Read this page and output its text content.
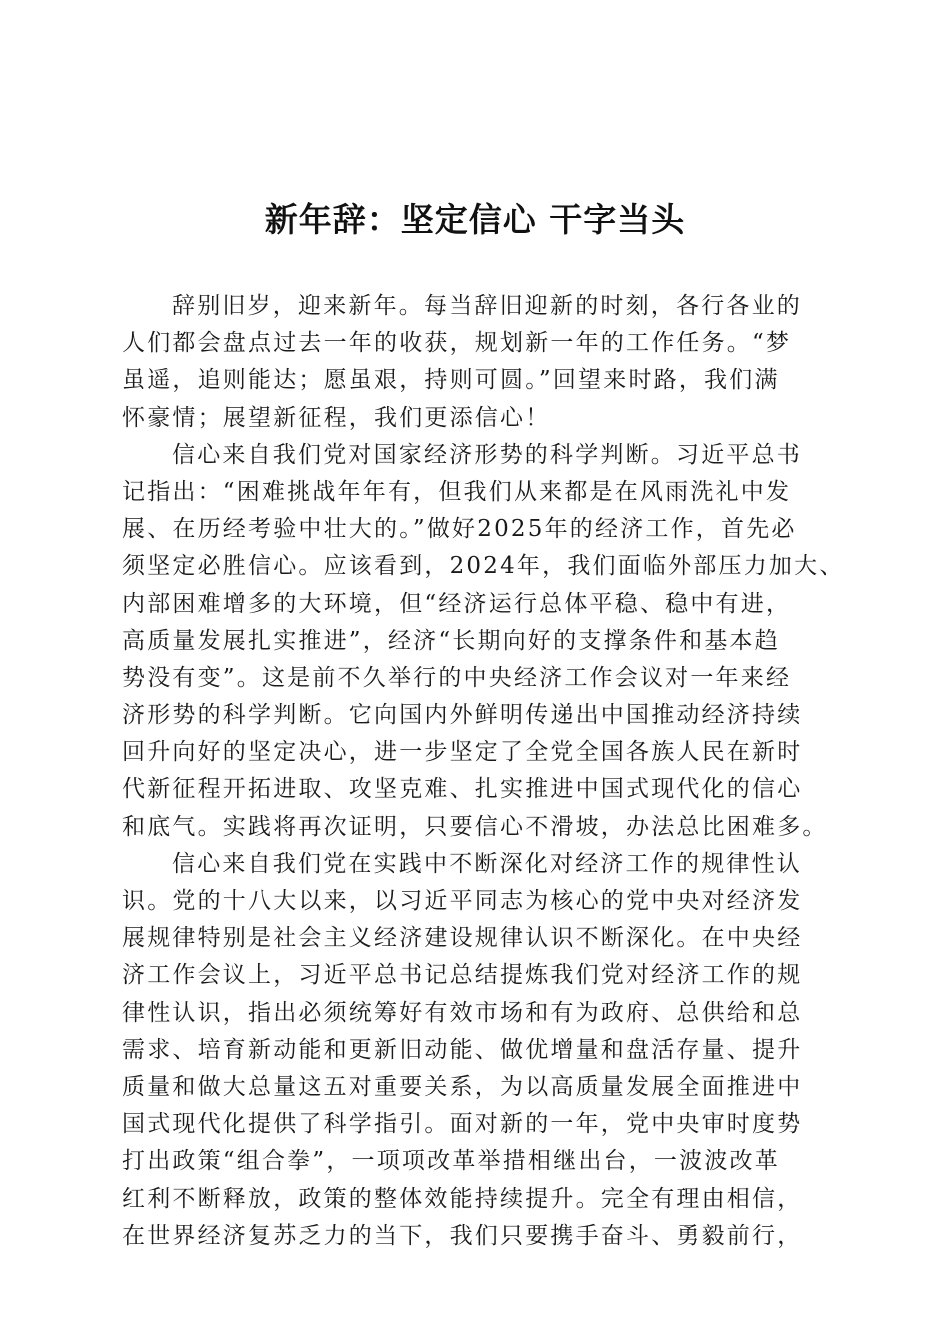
新年辞：坚定信心 干字当头
辞别旧岁，迎来新年。每当辞旧迎新的时刻，各行各业的
人们都会盘点过去一年的收获，规划新一年的工作任务。“梦
虽遥，追则能达；愿虽艰，持则可圆。”回望来时路，我们满
怀豪情；展望新征程，我们更添信心！
信心来自我们党对国家经济形势的科学判断。习近平总书
记指出：“困难挑战年年有，但我们从来都是在风雨洗礼中发
展、在历经考验中壮大的。”做好2025年的经济工作，首先必
须坚定必胜信心。应该看到，2024年，我们面临外部压力加大、
内部困难增多的大环境，但“经济运行总体平稳、稳中有进，
高质量发展扎实推进”，经济“长期向好的支撑条件和基本趋
势没有变”。这是前不久举行的中央经济工作会议对一年来经
济形势的科学判断。它向国内外鲜明传递出中国推动经济持续
回升向好的坚定决心，进一步坚定了全党全国各族人民在新时
代新征程开拓进取、攻坚克难、扎实推进中国式现代化的信心
和底气。实践将再次证明，只要信心不滑坡，办法总比困难多。
信心来自我们党在实践中不断深化对经济工作的规律性认
识。党的十八大以来，以习近平同志为核心的党中央对经济发
展规律特别是社会主义经济建设规律认识不断深化。在中央经
济工作会议上，习近平总书记总结提炼我们党对经济工作的规
律性认识，指出必须统筹好有效市场和有为政府、总供给和总
需求、培育新动能和更新旧动能、做优增量和盘活存量、提升
质量和做大总量这五对重要关系，为以高质量发展全面推进中
国式现代化提供了科学指引。面对新的一年，党中央审时度势
打出政策“组合拳”，一项项改革举措相继出台，一波波改革
红利不断释放，政策的整体效能持续提升。完全有理由相信，
在世界经济复苏乏力的当下，我们只要携手奋斗、勇毅前行，
